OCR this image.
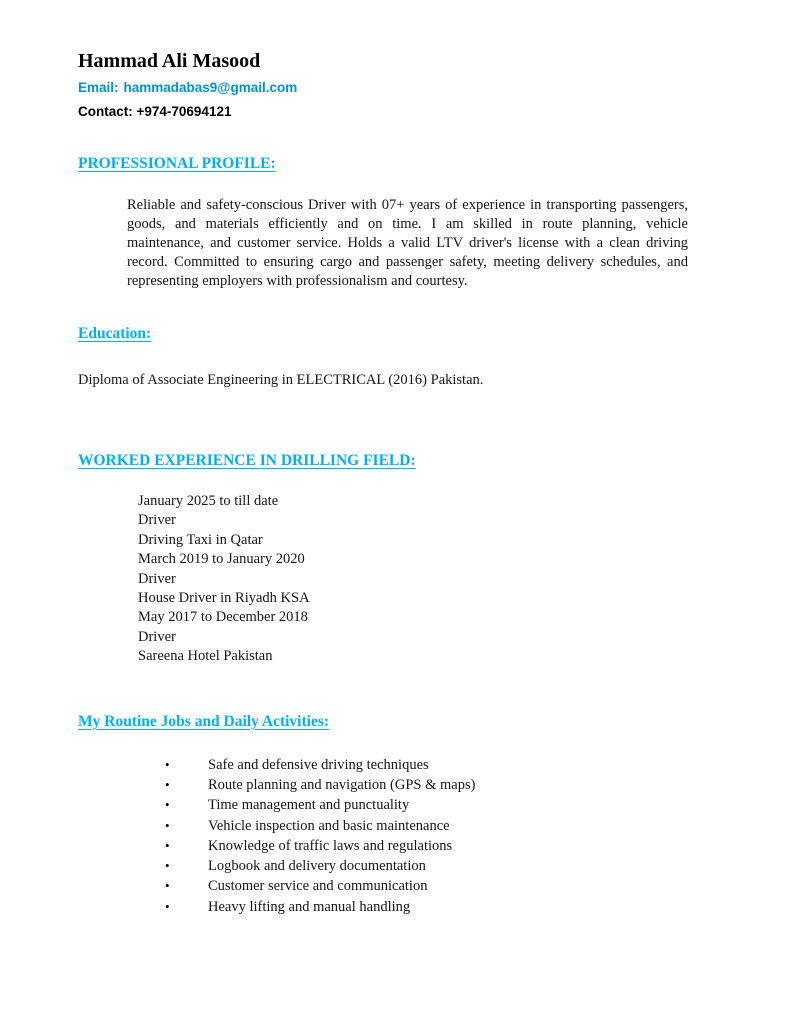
Hammad Ali Masood

Email: hammadabas9@gmail.com

Contact: +974-70694121

PROFESSIONAL PROFILE:

Reliable and safety-conscious Driver with 07+ years of experience in transporting passengers, goods, and materials efficiently and on time. I am skilled in route planning, vehicle maintenance, and customer service. Holds a valid LTV driver's license with a clean driving record. Committed to ensuring cargo and passenger safety, meeting delivery schedules, and representing employers with professionalism and courtesy.

Education:

Diploma of Associate Engineering in ELECTRICAL (2016) Pakistan.

WORKED EXPERIENCE IN DRILLING FIELD:

January 2025 to till date

Driver

Driving Taxi in Qatar

March 2019 to January 2020

Driver

House Driver in Riyadh KSA

May 2017 to December 2018

Driver

Sareena Hotel Pakistan

My Routine Jobs and Daily Activities:
•	Safe and defensive driving techniques
•	Route planning and navigation (GPS & maps)
•	Time management and punctuality
•	Vehicle inspection and basic maintenance
•	Knowledge of traffic laws and regulations
•	Logbook and delivery documentation
•	Customer service and communication
•	Heavy lifting and manual handling
